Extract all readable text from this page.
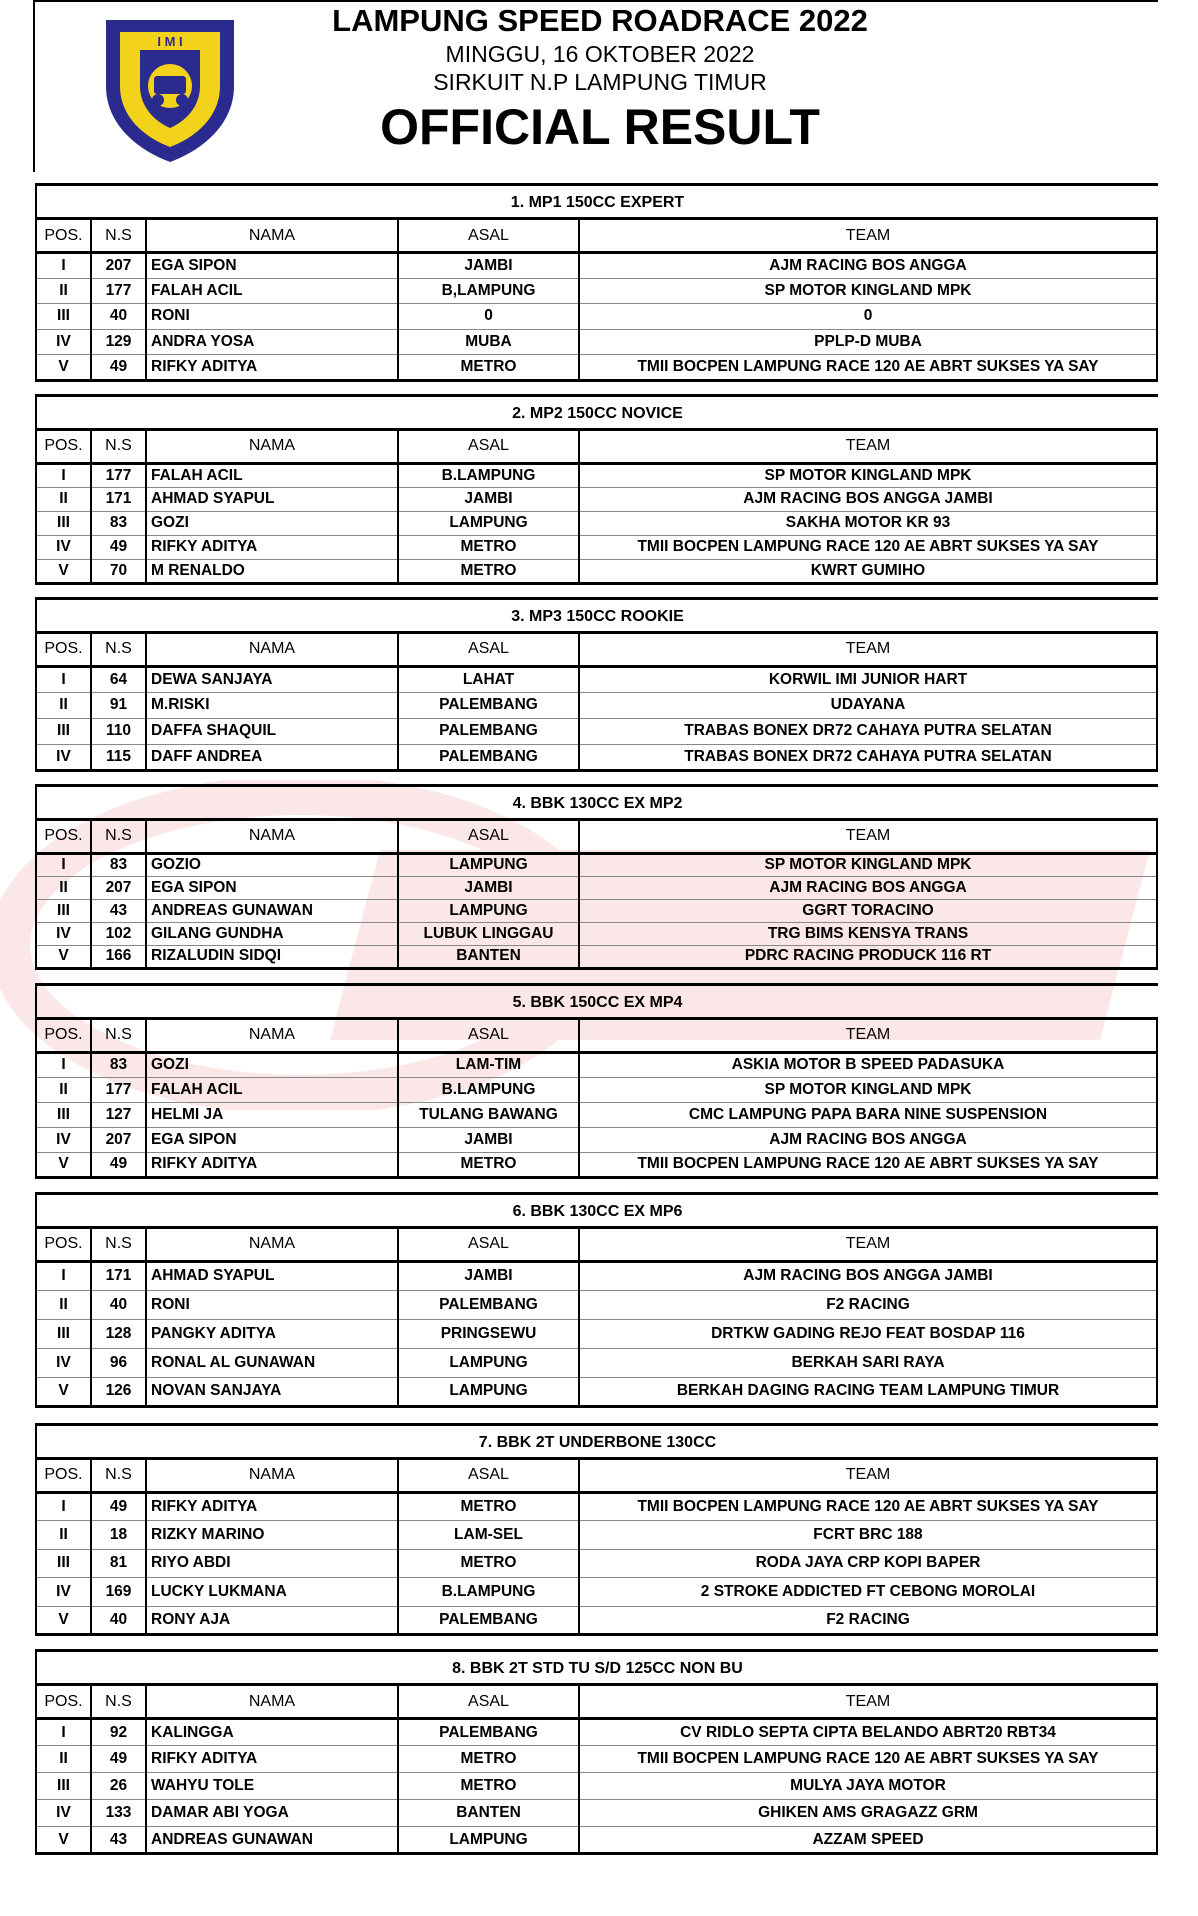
I M I
LAMPUNG SPEED ROADRACE 2022
MINGGU, 16 OKTOBER 2022
SIRKUIT N.P LAMPUNG TIMUR
OFFICIAL RESULT
1. MP1 150CC EXPERT
POS.	N.S	NAMA	ASAL	TEAM
I	207	EGA SIPON	JAMBI	AJM RACING BOS ANGGA
II	177	FALAH ACIL	B,LAMPUNG	SP MOTOR KINGLAND MPK
III	40	RONI	0	0
IV	129	ANDRA YOSA	MUBA	PPLP-D MUBA
V	49	RIFKY ADITYA	METRO	TMII BOCPEN LAMPUNG RACE 120 AE ABRT SUKSES YA SAY
2. MP2 150CC NOVICE
POS.	N.S	NAMA	ASAL	TEAM
I	177	FALAH ACIL	B.LAMPUNG	SP MOTOR KINGLAND MPK
II	171	AHMAD SYAPUL	JAMBI	AJM RACING BOS ANGGA JAMBI
III	83	GOZI	LAMPUNG	SAKHA MOTOR KR 93
IV	49	RIFKY ADITYA	METRO	TMII BOCPEN LAMPUNG RACE 120 AE ABRT SUKSES YA SAY
V	70	M RENALDO	METRO	KWRT GUMIHO
3. MP3 150CC ROOKIE
POS.	N.S	NAMA	ASAL	TEAM
I	64	DEWA SANJAYA	LAHAT	KORWIL IMI JUNIOR HART
II	91	M.RISKI	PALEMBANG	UDAYANA
III	110	DAFFA SHAQUIL	PALEMBANG	TRABAS BONEX DR72 CAHAYA PUTRA SELATAN
IV	115	DAFF ANDREA	PALEMBANG	TRABAS BONEX DR72 CAHAYA PUTRA SELATAN
4. BBK 130CC EX MP2
POS.	N.S	NAMA	ASAL	TEAM
I	83	GOZIO	LAMPUNG	SP MOTOR KINGLAND MPK
II	207	EGA SIPON	JAMBI	AJM RACING BOS ANGGA
III	43	ANDREAS GUNAWAN	LAMPUNG	GGRT TORACINO
IV	102	GILANG GUNDHA	LUBUK LINGGAU	TRG BIMS KENSYA TRANS
V	166	RIZALUDIN SIDQI	BANTEN	PDRC RACING PRODUCK 116 RT
5. BBK 150CC EX MP4
POS.	N.S	NAMA	ASAL	TEAM
I	83	GOZI	LAM-TIM	ASKIA MOTOR B SPEED PADASUKA
II	177	FALAH ACIL	B.LAMPUNG	SP MOTOR KINGLAND MPK
III	127	HELMI JA	TULANG BAWANG	CMC LAMPUNG PAPA BARA NINE SUSPENSION
IV	207	EGA SIPON	JAMBI	AJM RACING BOS ANGGA
V	49	RIFKY ADITYA	METRO	TMII BOCPEN LAMPUNG RACE 120 AE ABRT SUKSES YA SAY
6. BBK 130CC EX MP6
POS.	N.S	NAMA	ASAL	TEAM
I	171	AHMAD SYAPUL	JAMBI	AJM RACING BOS ANGGA JAMBI
II	40	RONI	PALEMBANG	F2 RACING
III	128	PANGKY ADITYA	PRINGSEWU	DRTKW GADING REJO FEAT BOSDAP 116
IV	96	RONAL AL GUNAWAN	LAMPUNG	BERKAH SARI RAYA
V	126	NOVAN SANJAYA	LAMPUNG	BERKAH DAGING RACING TEAM LAMPUNG TIMUR
7. BBK 2T UNDERBONE 130CC
POS.	N.S	NAMA	ASAL	TEAM
I	49	RIFKY ADITYA	METRO	TMII BOCPEN LAMPUNG RACE 120 AE ABRT SUKSES YA SAY
II	18	RIZKY MARINO	LAM-SEL	FCRT BRC 188
III	81	RIYO ABDI	METRO	RODA JAYA CRP KOPI BAPER
IV	169	LUCKY LUKMANA	B.LAMPUNG	2 STROKE ADDICTED FT CEBONG MOROLAI
V	40	RONY AJA	PALEMBANG	F2 RACING
8. BBK 2T STD TU S/D 125CC NON BU
POS.	N.S	NAMA	ASAL	TEAM
I	92	KALINGGA	PALEMBANG	CV RIDLO SEPTA CIPTA BELANDO ABRT20 RBT34
II	49	RIFKY ADITYA	METRO	TMII BOCPEN LAMPUNG RACE 120 AE ABRT SUKSES YA SAY
III	26	WAHYU TOLE	METRO	MULYA JAYA MOTOR
IV	133	DAMAR ABI YOGA	BANTEN	GHIKEN AMS GRAGAZZ GRM
V	43	ANDREAS GUNAWAN	LAMPUNG	AZZAM SPEED
